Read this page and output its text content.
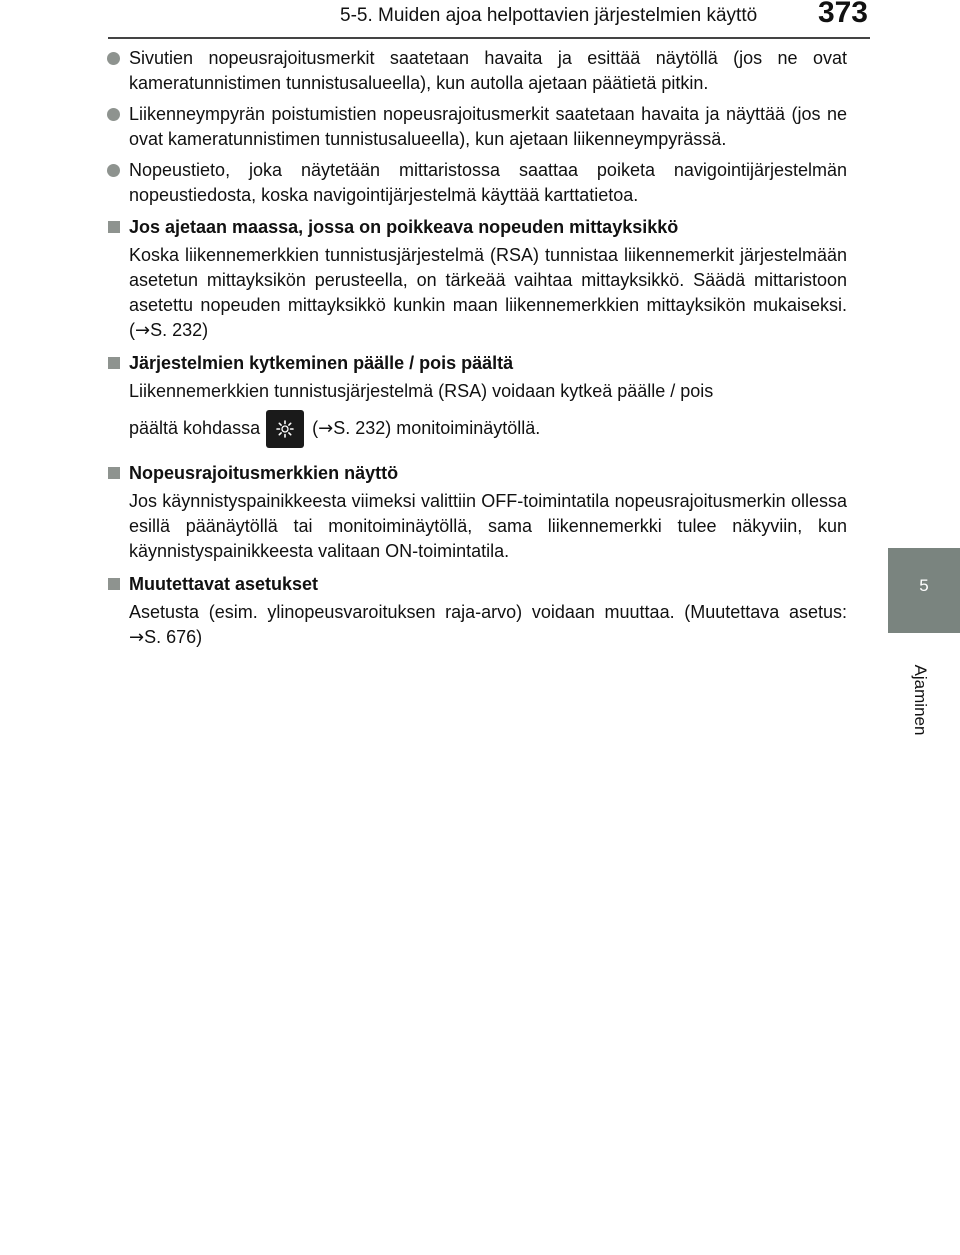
5-5. Muiden ajoa helpottavien järjestelmien käyttö	373
5
Ajaminen
Sivutien nopeusrajoitusmerkit saatetaan havaita ja esittää näytöllä (jos ne ovat kameratunnistimen tunnistusalueella), kun autolla ajetaan päätietä pitkin.
Liikenneympyrän poistumistien nopeusrajoitusmerkit saatetaan havaita ja näyttää (jos ne ovat kameratunnistimen tunnistusalueella), kun ajetaan liikenneympyrässä.
Nopeustieto, joka näytetään mittaristossa saattaa poiketa navigointijärjestelmän nopeustiedosta, koska navigointijärjestelmä käyttää karttatietoa.
Jos ajetaan maassa, jossa on poikkeava nopeuden mittayksikkö
Koska liikennemerkkien tunnistusjärjestelmä (RSA) tunnistaa liikennemerkit järjestelmään asetetun mittayksikön perusteella, on tärkeää vaihtaa mittayksikkö. Säädä mittaristoon asetettu nopeuden mittayksikkö kunkin maan liikennemerkkien mittayksikön mukaiseksi. (→S. 232)
Järjestelmien kytkeminen päälle / pois päältä
Liikennemerkkien tunnistusjärjestelmä (RSA) voidaan kytkeä päälle / pois
päältä kohdassa	(→S. 232) monitoiminäytöllä.
Nopeusrajoitusmerkkien näyttö
Jos käynnistyspainikkeesta viimeksi valittiin OFF-toimintatila nopeusrajoitusmerkin ollessa esillä päänäytöllä tai monitoiminäytöllä, sama liikennemerkki tulee näkyviin, kun käynnistyspainikkeesta valitaan ON-toimintatila.
Muutettavat asetukset
Asetusta (esim. ylinopeusvaroituksen raja-arvo) voidaan muuttaa. (Muutettava asetus: →S. 676)
